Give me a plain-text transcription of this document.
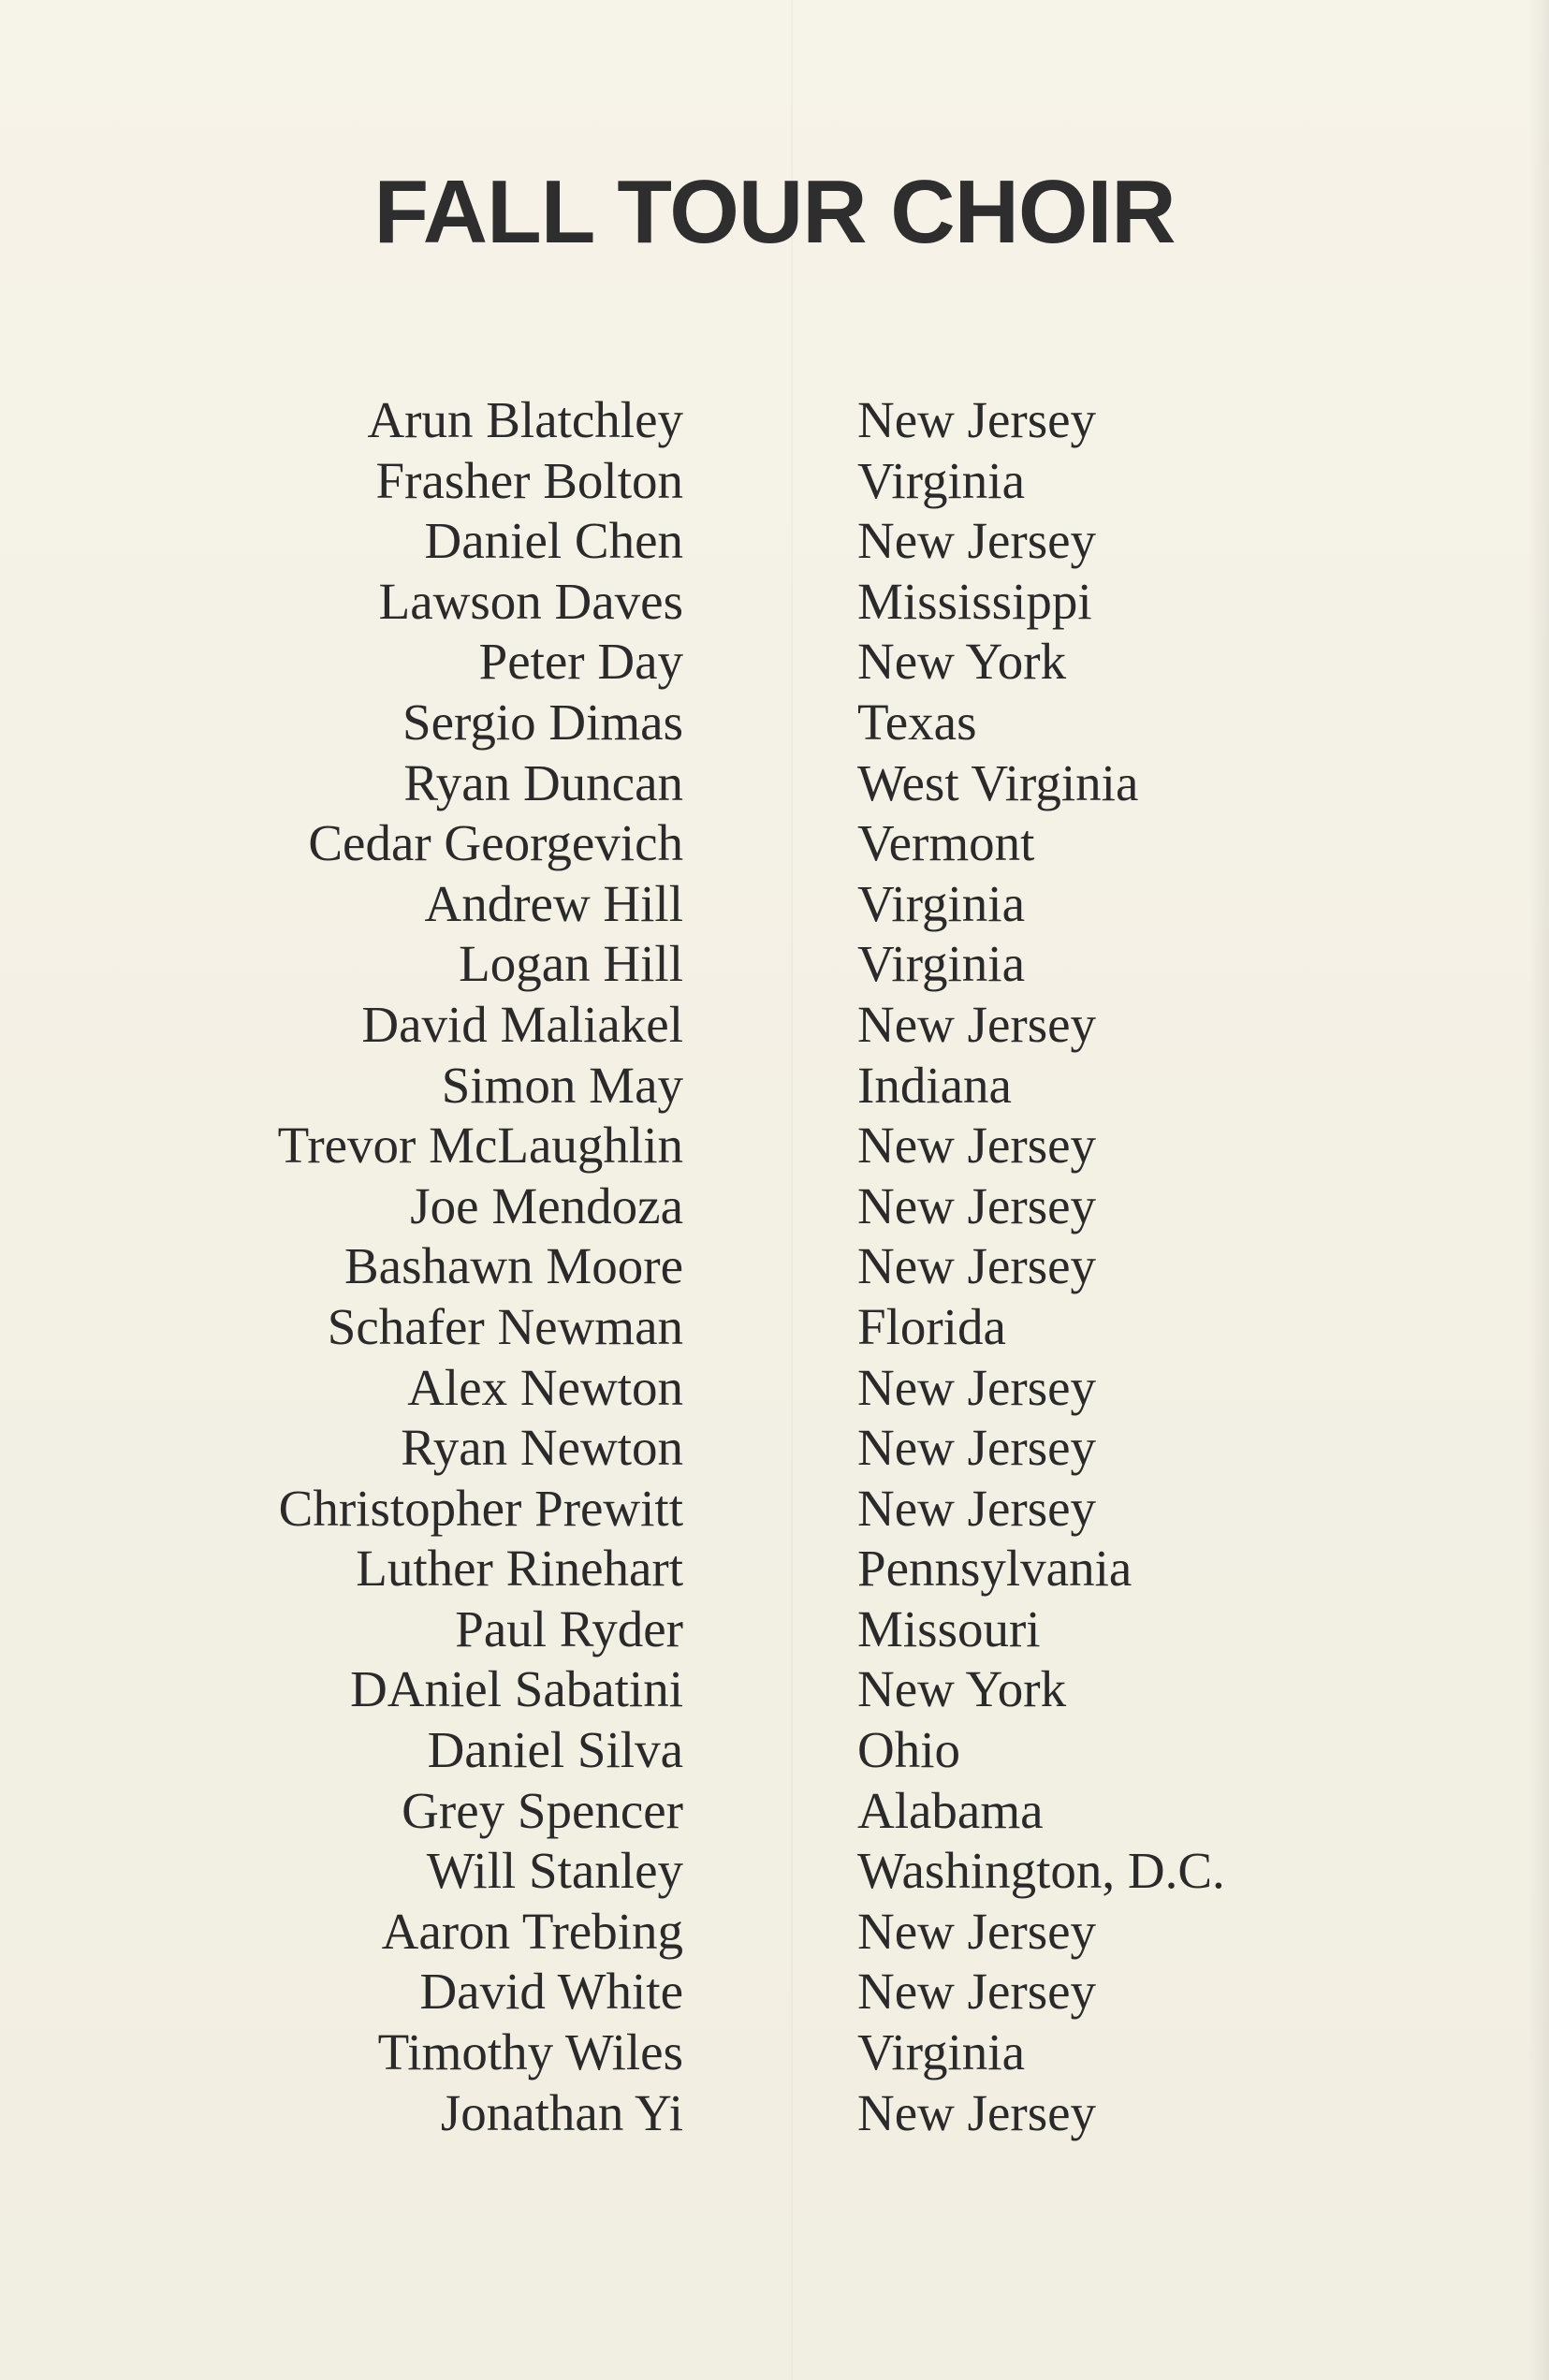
FALL TOUR CHOIR
Arun Blatchley	New Jersey
Frasher Bolton	Virginia
Daniel Chen	New Jersey
Lawson Daves	Mississippi
Peter Day	New York
Sergio Dimas	Texas
Ryan Duncan	West Virginia
Cedar Georgevich	Vermont
Andrew Hill	Virginia
Logan Hill	Virginia
David Maliakel	New Jersey
Simon May	Indiana
Trevor McLaughlin	New Jersey
Joe Mendoza	New Jersey
Bashawn Moore	New Jersey
Schafer Newman	Florida
Alex Newton	New Jersey
Ryan Newton	New Jersey
Christopher Prewitt	New Jersey
Luther Rinehart	Pennsylvania
Paul Ryder	Missouri
DAniel Sabatini	New York
Daniel Silva	Ohio
Grey Spencer	Alabama
Will Stanley	Washington, D.C.
Aaron Trebing	New Jersey
David White	New Jersey
Timothy Wiles	Virginia
Jonathan Yi	New Jersey
